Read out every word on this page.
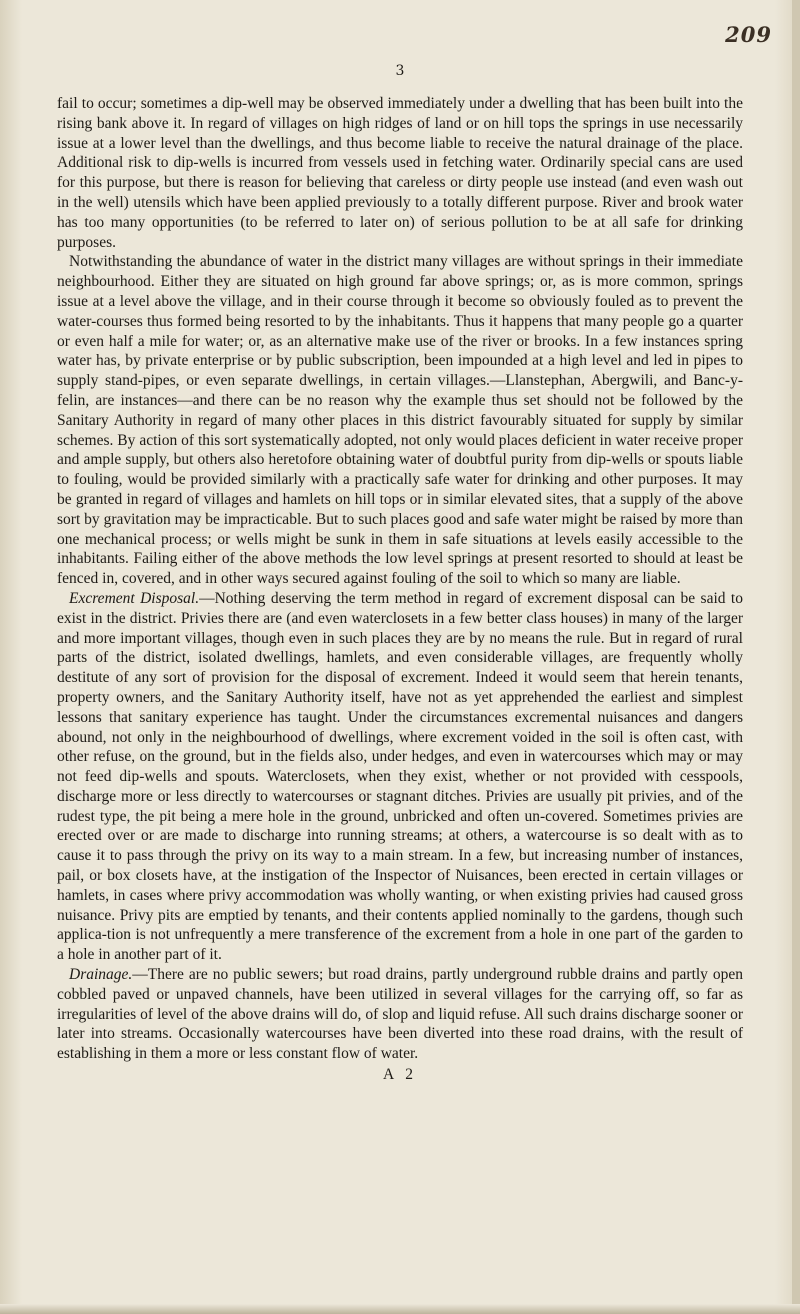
209
3

fail to occur; sometimes a dip-well may be observed immediately under a dwelling that has been built into the rising bank above it. In regard of villages on high ridges of land or on hill tops the springs in use necessarily issue at a lower level than the dwellings, and thus become liable to receive the natural drainage of the place. Additional risk to dip-wells is incurred from vessels used in fetching water. Ordinarily special cans are used for this purpose, but there is reason for believing that careless or dirty people use instead (and even wash out in the well) utensils which have been applied previously to a totally different purpose. River and brook water has too many opportunities (to be referred to later on) of serious pollution to be at all safe for drinking purposes.

Notwithstanding the abundance of water in the district many villages are without springs in their immediate neighbourhood. Either they are situated on high ground far above springs; or, as is more common, springs issue at a level above the village, and in their course through it become so obviously fouled as to prevent the water-courses thus formed being resorted to by the inhabitants. Thus it happens that many people go a quarter or even half a mile for water; or, as an alternative make use of the river or brooks. In a few instances spring water has, by private enterprise or by public subscription, been impounded at a high level and led in pipes to supply stand-pipes, or even separate dwellings, in certain villages.—Llanstephan, Abergwili, and Banc-y-felin, are instances—and there can be no reason why the example thus set should not be followed by the Sanitary Authority in regard of many other places in this district favourably situated for supply by similar schemes. By action of this sort systematically adopted, not only would places deficient in water receive proper and ample supply, but others also heretofore obtaining water of doubtful purity from dip-wells or spouts liable to fouling, would be provided similarly with a practically safe water for drinking and other purposes. It may be granted in regard of villages and hamlets on hill tops or in similar elevated sites, that a supply of the above sort by gravitation may be impracticable. But to such places good and safe water might be raised by more than one mechanical process; or wells might be sunk in them in safe situations at levels easily accessible to the inhabitants. Failing either of the above methods the low level springs at present resorted to should at least be fenced in, covered, and in other ways secured against fouling of the soil to which so many are liable.

Excrement Disposal.—Nothing deserving the term method in regard of excrement disposal can be said to exist in the district. Privies there are (and even waterclosets in a few better class houses) in many of the larger and more important villages, though even in such places they are by no means the rule. But in regard of rural parts of the district, isolated dwellings, hamlets, and even considerable villages, are frequently wholly destitute of any sort of provision for the disposal of excrement. Indeed it would seem that herein tenants, property owners, and the Sanitary Authority itself, have not as yet apprehended the earliest and simplest lessons that sanitary experience has taught. Under the circumstances excremental nuisances and dangers abound, not only in the neighbourhood of dwellings, where excrement voided in the soil is often cast, with other refuse, on the ground, but in the fields also, under hedges, and even in watercourses which may or may not feed dip-wells and spouts. Waterclosets, when they exist, whether or not provided with cesspools, discharge more or less directly to watercourses or stagnant ditches. Privies are usually pit privies, and of the rudest type, the pit being a mere hole in the ground, unbricked and often un-covered. Sometimes privies are erected over or are made to discharge into running streams; at others, a watercourse is so dealt with as to cause it to pass through the privy on its way to a main stream. In a few, but increasing number of instances, pail, or box closets have, at the instigation of the Inspector of Nuisances, been erected in certain villages or hamlets, in cases where privy accommodation was wholly wanting, or when existing privies had caused gross nuisance. Privy pits are emptied by tenants, and their contents applied nominally to the gardens, though such applica-tion is not unfrequently a mere transference of the excrement from a hole in one part of the garden to a hole in another part of it.

Drainage.—There are no public sewers; but road drains, partly underground rubble drains and partly open cobbled paved or unpaved channels, have been utilized in several villages for the carrying off, so far as irregularities of level of the above drains will do, of slop and liquid refuse. All such drains discharge sooner or later into streams. Occasionally watercourses have been diverted into these road drains, with the result of establishing in them a more or less constant flow of water.

A 2
